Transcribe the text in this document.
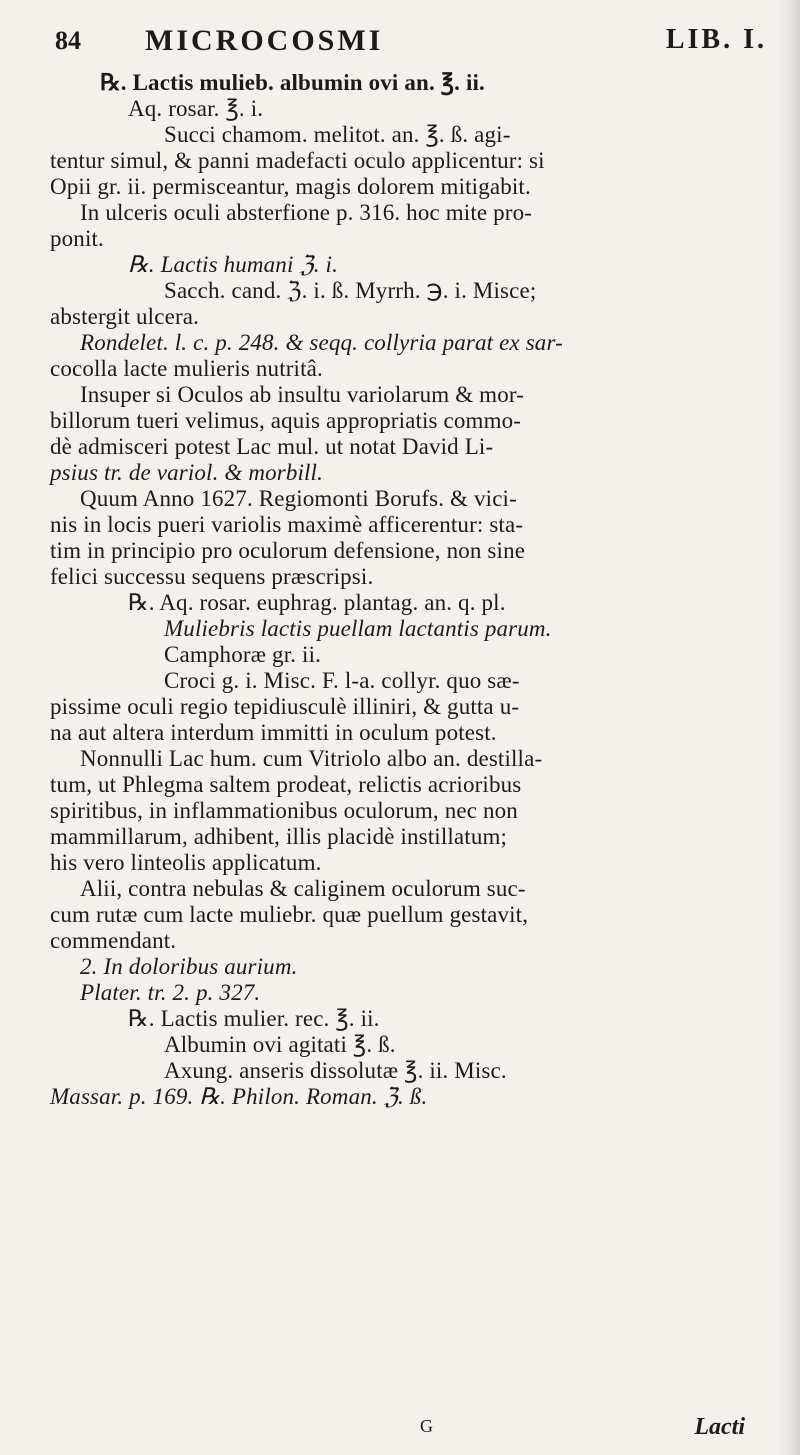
84 MICROCOSMI	LIB. I.
℞. Lactis mulieb. albumin ovi an. ℥. ii.
Aq. rosar. ℥. i.
Succi chamom. melitot. an. ℥. ß. agi-
tentur simul, & panni madefacti oculo applicentur: si
Opii gr. ii. permisceantur, magis dolorem mitigabit.
In ulceris oculi absterfione p. 316. hoc mite pro-
ponit.
℞. Lactis humani ℨ. i.
Sacch. cand. ℨ. i. ß. Myrrh. ℈. i. Misce;
abstergit ulcera.
Rondelet. l. c. p. 248. & seqq. collyria parat ex sar-
cocolla lacte mulieris nutritâ.
Insuper si Oculos ab insultu variolarum & mor-
billorum tueri velimus, aquis appropriatis commo-
dè admisceri potest Lac mul. ut notat David Li-
psius tr. de variol. & morbill.
Quum Anno 1627. Regiomonti Borufs. & vici-
nis in locis pueri variolis maximè afficerentur: sta-
tim in principio pro oculorum defensione, non sine
felici successu sequens præscripsi.
℞. Aq. rosar. euphrag. plantag. an. q. pl.
Muliebris lactis puellam lactantis parum.
Camphoræ gr. ii.
Croci g. i. Misc. F. l-a. collyr. quo sæ-
pissime oculi regio tepidiusculè illiniri, & gutta u-
na aut altera interdum immitti in oculum potest.
Nonnulli Lac hum. cum Vitriolo albo an. destilla-
tum, ut Phlegma saltem prodeat, relictis acrioribus
spiritibus, in inflammationibus oculorum, nec non
mammillarum, adhibent, illis placidè instillatum;
his vero linteolis applicatum.
Alii, contra nebulas & caliginem oculorum suc-
cum rutæ cum lacte muliebr. quæ puellum gestavit,
commendant.
2. In doloribus aurium.
Plater. tr. 2. p. 327.
℞. Lactis mulier. rec. ℥. ii.
Albumin ovi agitati ℥. ß.
Axung. anseris dissolutæ ℥. ii. Misc.
Massar. p. 169. ℞. Philon. Roman. ℨ. ß.
G	Lacti
